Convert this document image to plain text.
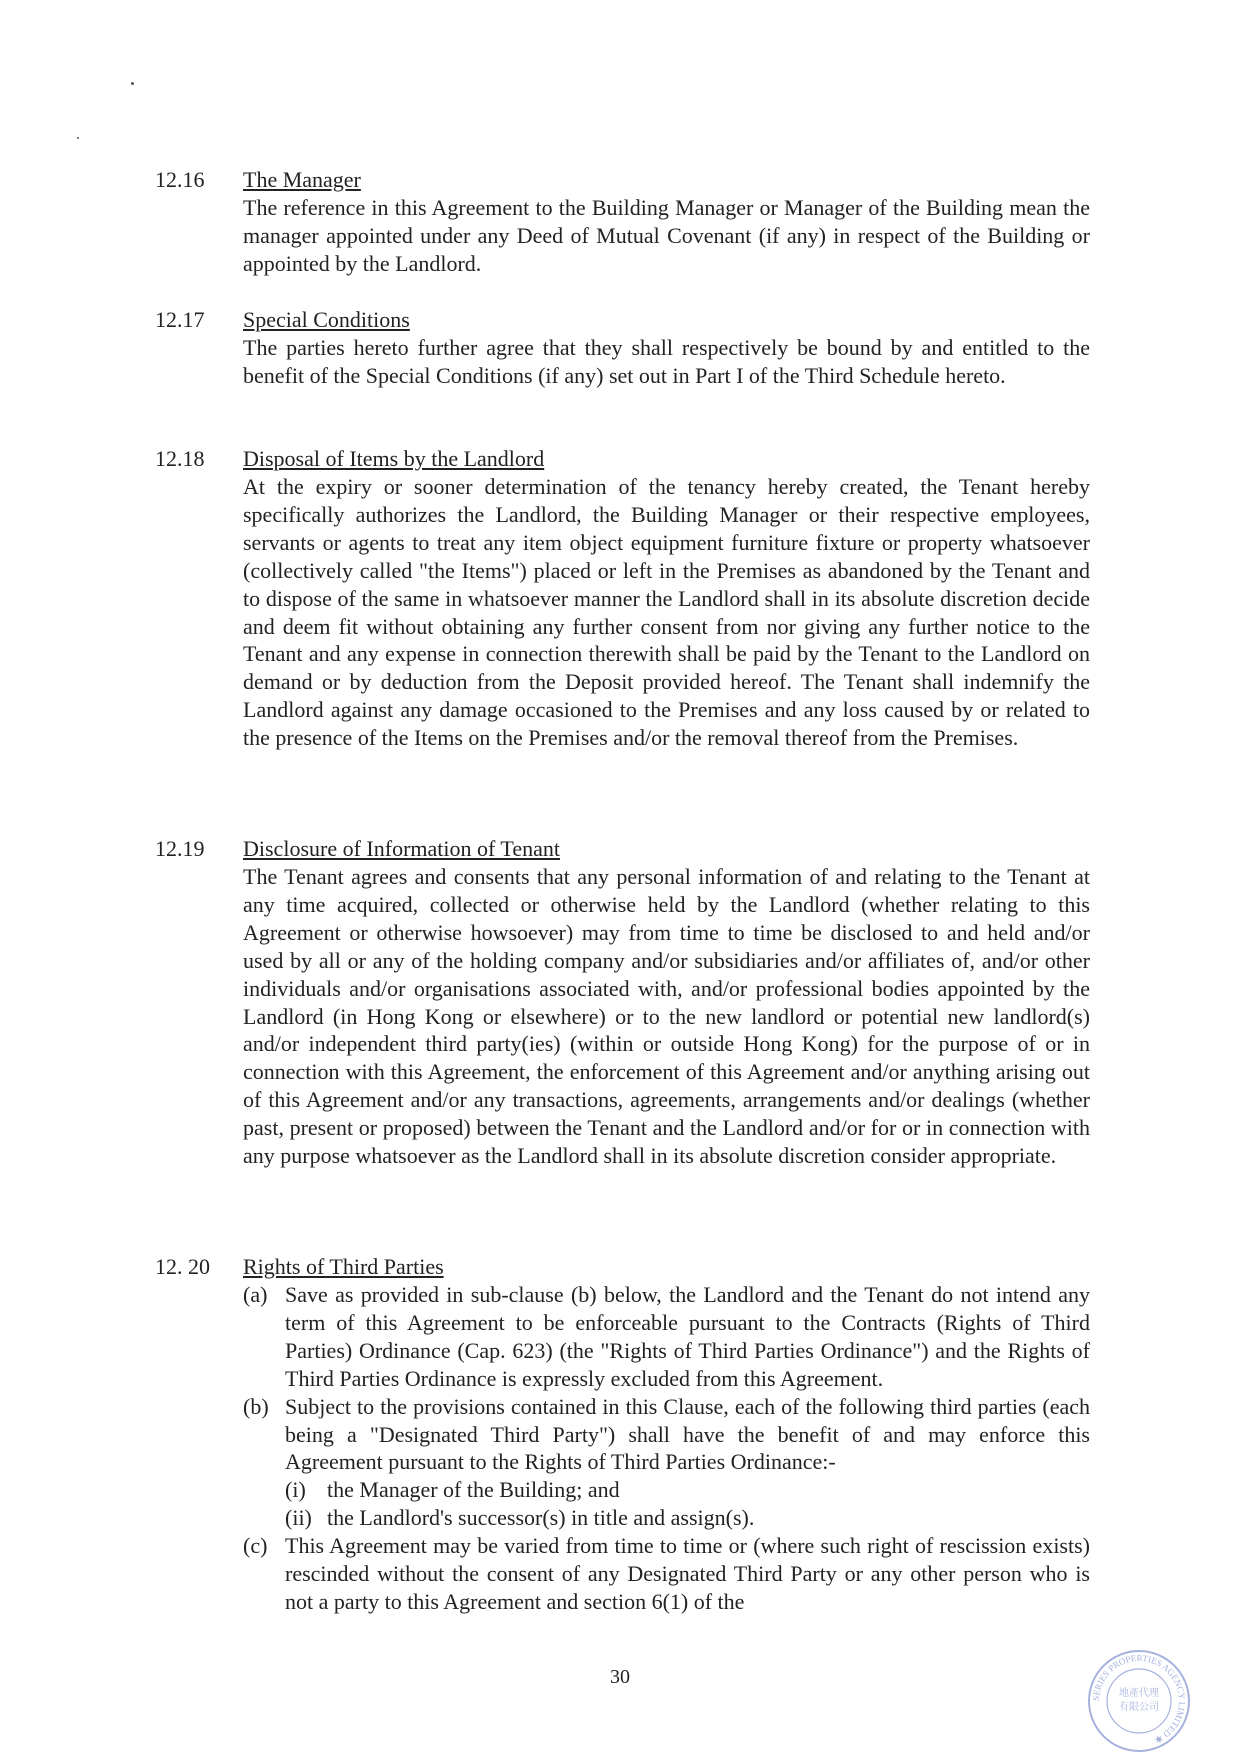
12.16 The Manager
The reference in this Agreement to the Building Manager or Manager of the Building mean the manager appointed under any Deed of Mutual Covenant (if any) in respect of the Building or appointed by the Landlord.
12.17 Special Conditions
The parties hereto further agree that they shall respectively be bound by and entitled to the benefit of the Special Conditions (if any) set out in Part I of the Third Schedule hereto.
12.18 Disposal of Items by the Landlord
At the expiry or sooner determination of the tenancy hereby created, the Tenant hereby specifically authorizes the Landlord, the Building Manager or their respective employees, servants or agents to treat any item object equipment furniture fixture or property whatsoever (collectively called "the Items") placed or left in the Premises as abandoned by the Tenant and to dispose of the same in whatsoever manner the Landlord shall in its absolute discretion decide and deem fit without obtaining any further consent from nor giving any further notice to the Tenant and any expense in connection therewith shall be paid by the Tenant to the Landlord on demand or by deduction from the Deposit provided hereof. The Tenant shall indemnify the Landlord against any damage occasioned to the Premises and any loss caused by or related to the presence of the Items on the Premises and/or the removal thereof from the Premises.
12.19 Disclosure of Information of Tenant
The Tenant agrees and consents that any personal information of and relating to the Tenant at any time acquired, collected or otherwise held by the Landlord (whether relating to this Agreement or otherwise howsoever) may from time to time be disclosed to and held and/or used by all or any of the holding company and/or subsidiaries and/or affiliates of, and/or other individuals and/or organisations associated with, and/or professional bodies appointed by the Landlord (in Hong Kong or elsewhere) or to the new landlord or potential new landlord(s) and/or independent third party(ies) (within or outside Hong Kong) for the purpose of or in connection with this Agreement, the enforcement of this Agreement and/or anything arising out of this Agreement and/or any transactions, agreements, arrangements and/or dealings (whether past, present or proposed) between the Tenant and the Landlord and/or for or in connection with any purpose whatsoever as the Landlord shall in its absolute discretion consider appropriate.
12. 20 Rights of Third Parties
(a) Save as provided in sub-clause (b) below, the Landlord and the Tenant do not intend any term of this Agreement to be enforceable pursuant to the Contracts (Rights of Third Parties) Ordinance (Cap. 623) (the "Rights of Third Parties Ordinance") and the Rights of Third Parties Ordinance is expressly excluded from this Agreement.
(b) Subject to the provisions contained in this Clause, each of the following third parties (each being a "Designated Third Party") shall have the benefit of and may enforce this Agreement pursuant to the Rights of Third Parties Ordinance:-
(i) the Manager of the Building; and
(ii) the Landlord's successor(s) in title and assign(s).
(c) This Agreement may be varied from time to time or (where such right of rescission exists) rescinded without the consent of any Designated Third Party or any other person who is not a party to this Agreement and section 6(1) of the
30
SERIES PROPERTIES AGENCY LIMITED ✱
地產代理
有限公司
